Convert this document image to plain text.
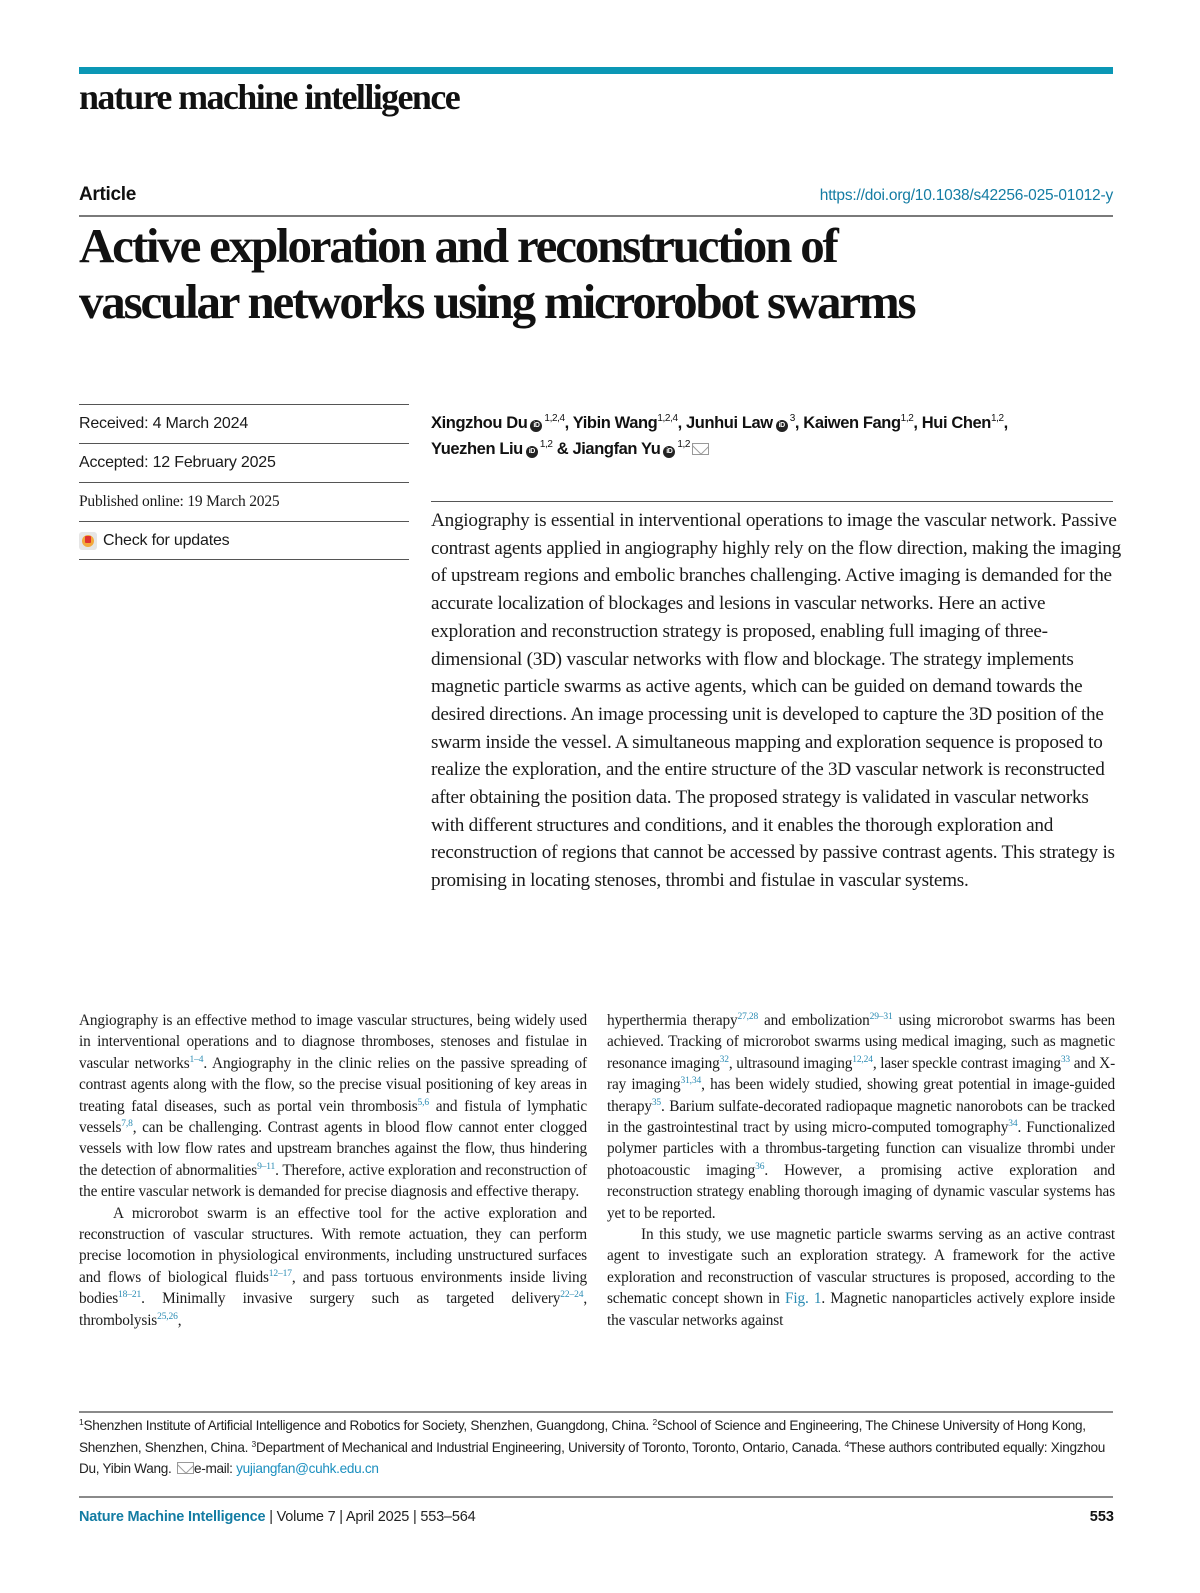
nature machine intelligence
Article	https://doi.org/10.1038/s42256-025-01012-y
Active exploration and reconstruction of
vascular networks using microrobot swarms
Received: 4 March 2024
Accepted: 12 February 2025
Published online: 19 March 2025
Check for updates
Xingzhou Du iD$^{1,2,4}$, Yibin Wang$^{1,2,4}$, Junhui Law $iD^3$, Kaiwen Fang$^{1,2}$, Hui Chen$^{1,2}$,
Yuezhen Liu iD$^{1,2}$ & Jiangfan Yu iD$^{1,2}$

Angiography is essential in interventional operations to image the vascular network. Passive contrast agents applied in angiography highly rely on the flow direction, making the imaging of upstream regions and embolic branches challenging. Active imaging is demanded for the accurate localization of blockages and lesions in vascular networks. Here an active exploration and reconstruction strategy is proposed, enabling full imaging of three-dimensional (3D) vascular networks with flow and blockage. The strategy implements magnetic particle swarms as active agents, which can be guided on demand towards the desired directions. An image processing unit is developed to capture the 3D position of the swarm inside the vessel. A simultaneous mapping and exploration sequence is proposed to realize the exploration, and the entire structure of the 3D vascular network is reconstructed after obtaining the position data. The proposed strategy is validated in vascular networks with different structures and conditions, and it enables the thorough exploration and reconstruction of regions that cannot be accessed by passive contrast agents. This strategy is promising in locating stenoses, thrombi and fistulae in vascular systems.

Angiography is an effective method to image vascular structures, being widely used in interventional operations and to diagnose thromboses, stenoses and fistulae in vascular networks$^{1-4}$. Angiography in the clinic relies on the passive spreading of contrast agents along with the flow, so the precise visual positioning of key areas in treating fatal diseases, such as portal vein thrombosis$^{5,6}$ and fistula of lymphatic vessels$^{7,8}$, can be challenging. Contrast agents in blood flow cannot enter clogged vessels with low flow rates and upstream branches against the flow, thus hindering the detection of abnormalities$^{9-11}$. Therefore, active exploration and reconstruction of the entire vascular network is demanded for precise diagnosis and effective therapy.

A microrobot swarm is an effective tool for the active exploration and reconstruction of vascular structures. With remote actuation, they can perform precise locomotion in physiological environments, including unstructured surfaces and flows of biological fluids$^{12-17}$, and pass tortuous environments inside living bodies$^{18-21}$. Minimally invasive surgery such as targeted delivery$^{22-24}$, thrombolysis$^{25,26}$,

hyperthermia therapy$^{27,28}$ and embolization$^{29-31}$ using microrobot swarms has been achieved. Tracking of microrobot swarms using medical imaging, such as magnetic resonance imaging$^{32}$, ultrasound imaging$^{12,24}$, laser speckle contrast imaging$^{33}$ and X-ray imaging$^{31,34}$, has been widely studied, showing great potential in image-guided therapy$^{35}$. Barium sulfate-decorated radiopaque magnetic nanorobots can be tracked in the gastrointestinal tract by using micro-computed tomography$^{34}$. Functionalized polymer particles with a thrombus-targeting function can visualize thrombi under photoacoustic imaging$^{36}$. However, a promising active exploration and reconstruction strategy enabling thorough imaging of dynamic vascular systems has yet to be reported.

In this study, we use magnetic particle swarms serving as an active contrast agent to investigate such an exploration strategy. A framework for the active exploration and reconstruction of vascular structures is proposed, according to the schematic concept shown in Fig. 1. Magnetic nanoparticles actively explore inside the vascular networks against

$^1$Shenzhen Institute of Artificial Intelligence and Robotics for Society, Shenzhen, Guangdong, China. $^2$School of Science and Engineering, The Chinese University of Hong Kong, Shenzhen, Shenzhen, China. $^3$Department of Mechanical and Industrial Engineering, University of Toronto, Toronto, Ontario, Canada. $^4$These authors contributed equally: Xingzhou Du, Yibin Wang. e-mail: yujiangfan@cuhk.edu.cn
Nature Machine Intelligence | Volume 7 | April 2025 | 553–564	553
